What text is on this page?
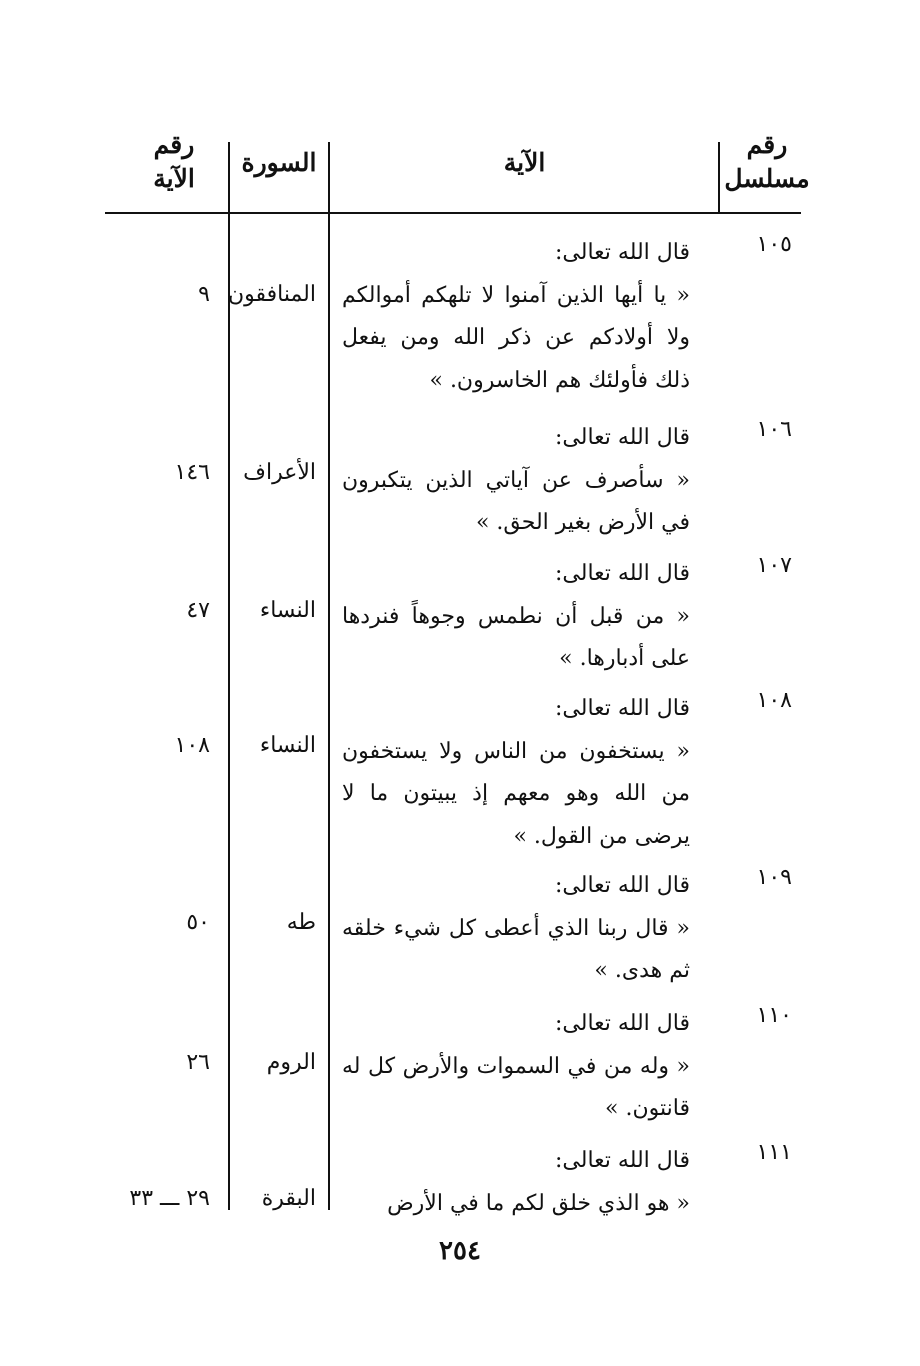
رقم
مسلسل
الآية
السورة
رقم
الآية
١٠٥
قال الله تعالى:
« يا أيها الذين آمنوا لا تلهكم أموالكم ولا أولادكم عن ذكر الله ومن يفعل ذلك فأولئك هم الخاسرون. »
المنافقون
٩
١٠٦
قال الله تعالى:
« سأصرف عن آياتي الذين يتكبرون في الأرض بغير الحق. »
الأعراف
١٤٦
١٠٧
قال الله تعالى:
« من قبل أن نطمس وجوهاً فنردها على أدبارها. »
النساء
٤٧
١٠٨
قال الله تعالى:
« يستخفون من الناس ولا يستخفون من الله وهو معهم إذ يبيتون ما لا يرضى من القول. »
النساء
١٠٨
١٠٩
قال الله تعالى:
« قال ربنا الذي أعطى كل شيء خلقه ثم هدى. »
طه
٥٠
١١٠
قال الله تعالى:
« وله من في السموات والأرض كل له قانتون. »
الروم
٢٦
١١١
قال الله تعالى:
« هو الذي خلق لكم ما في الأرض
البقرة
٢٩ ـــ ٣٣
٢٥٤
